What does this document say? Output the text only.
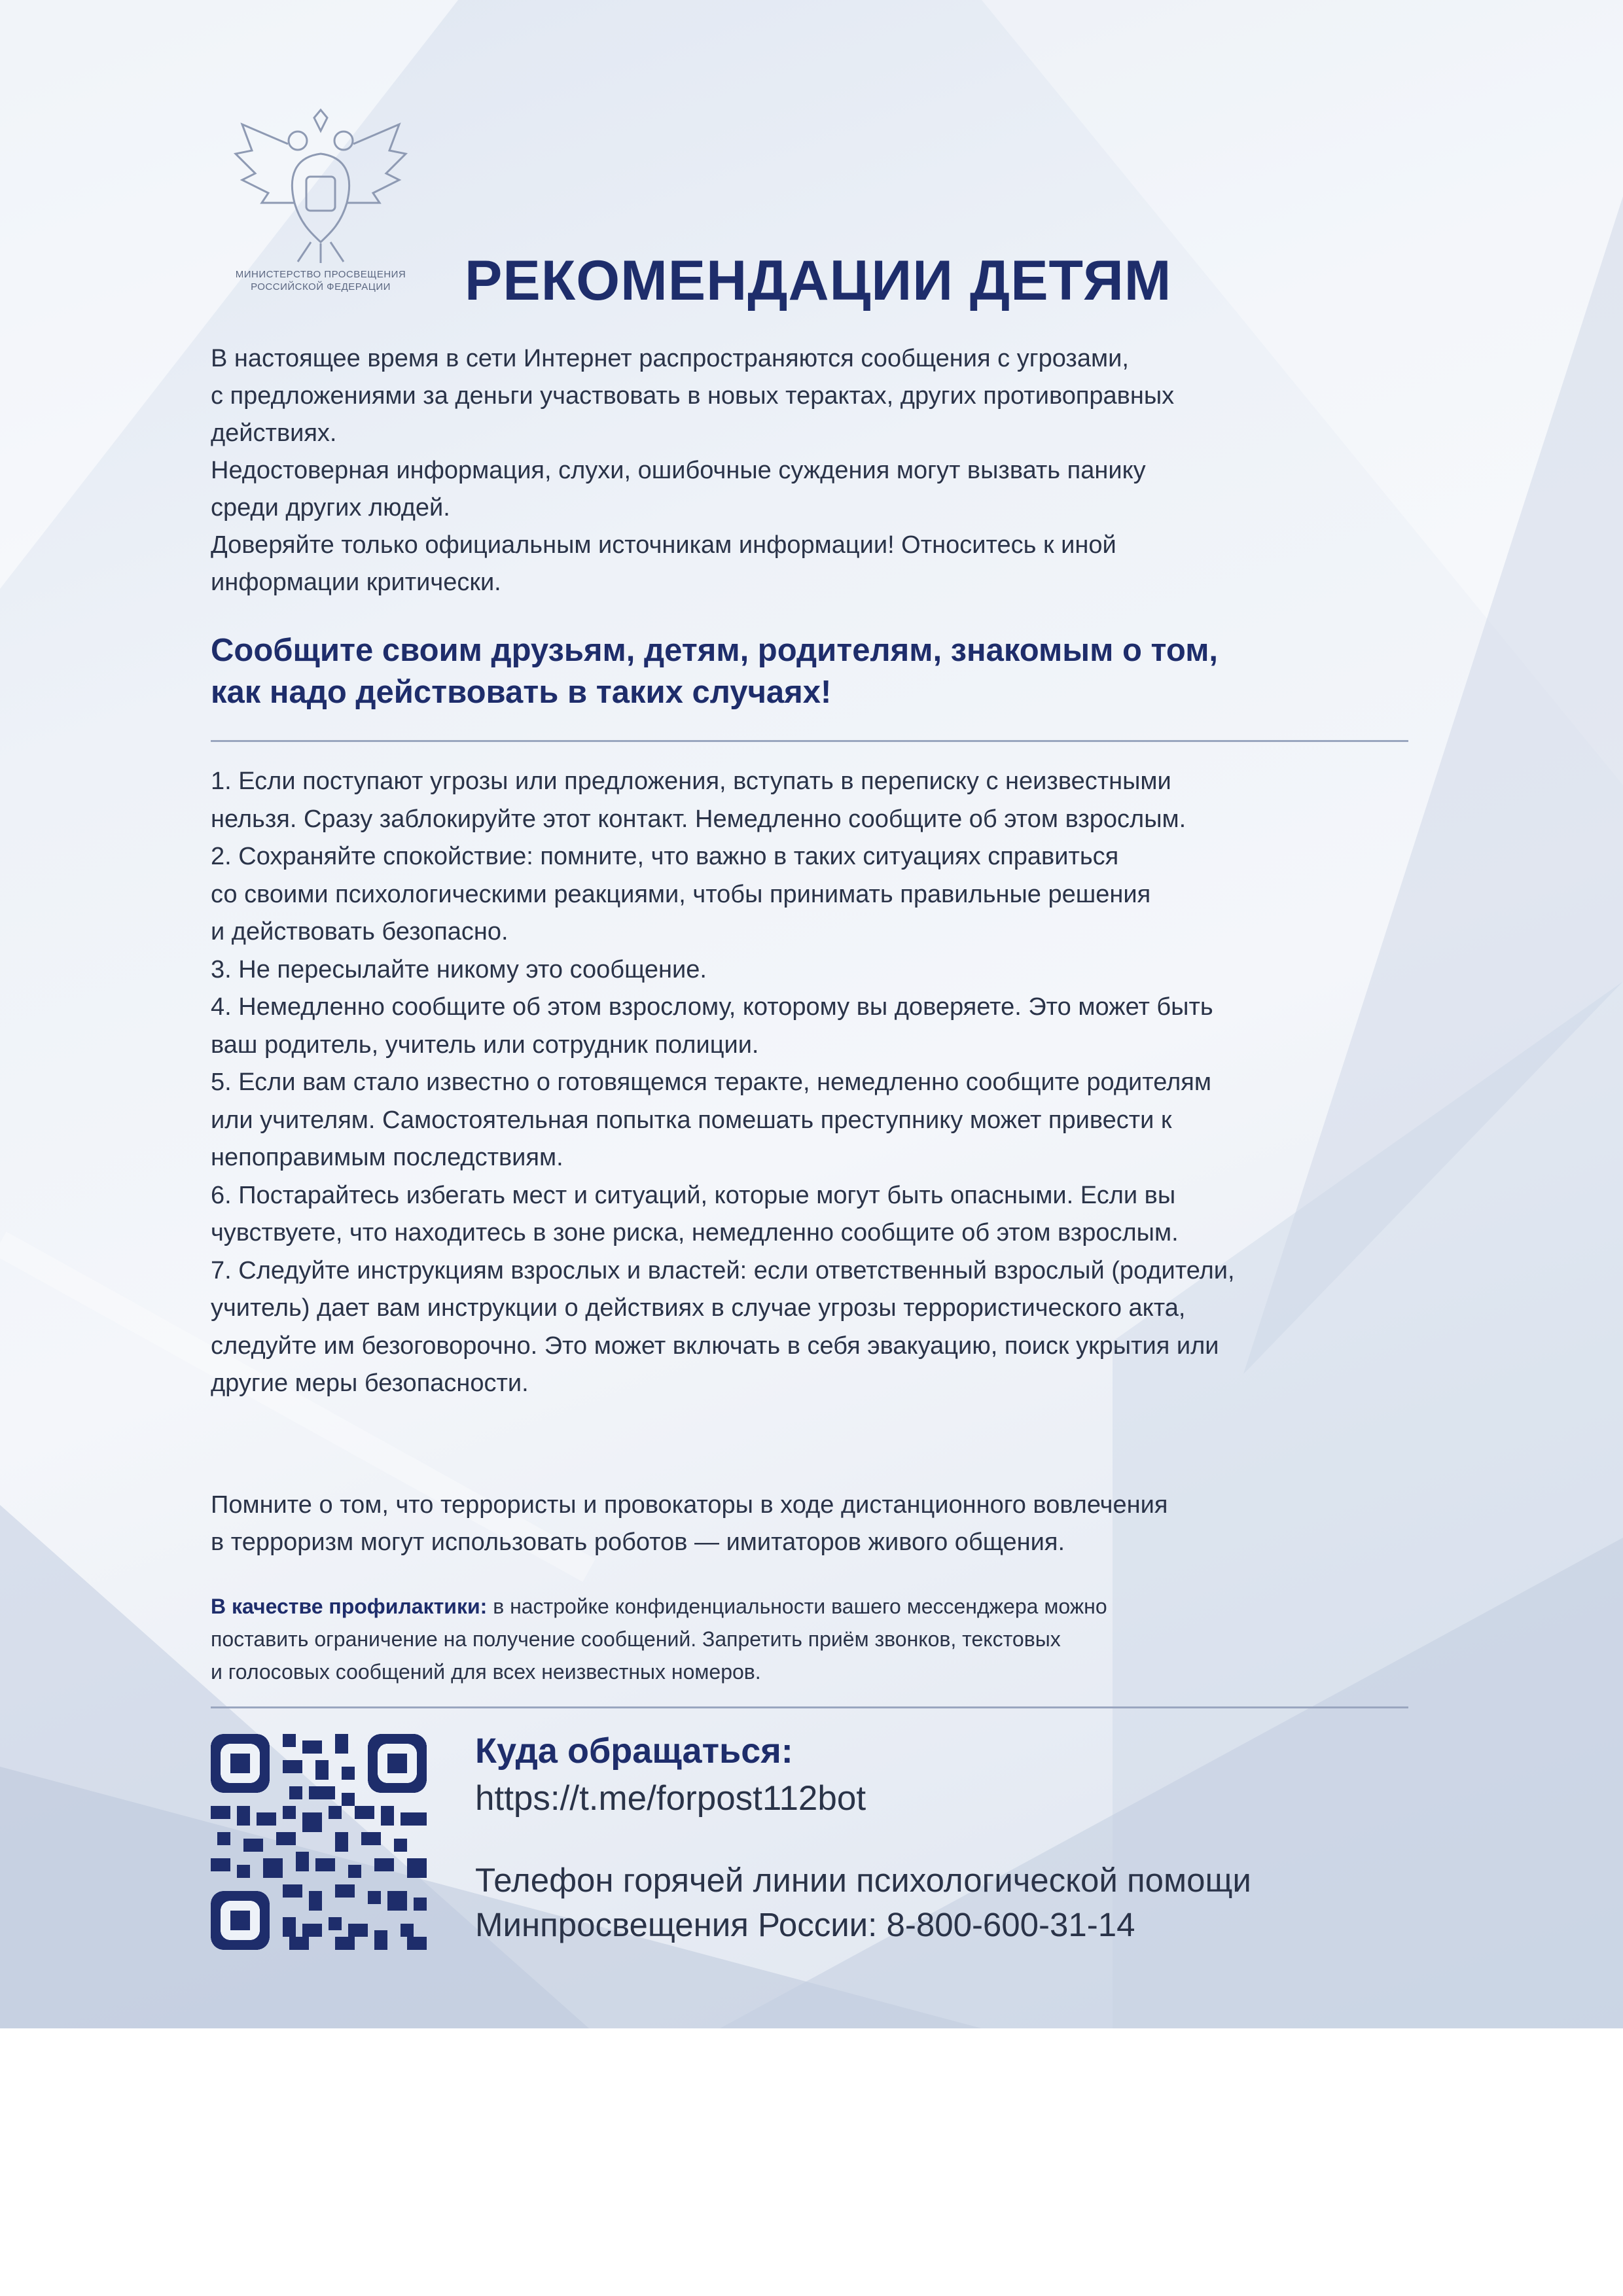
МИНИСТЕРСТВО ПРОСВЕЩЕНИЯ
РОССИЙСКОЙ ФЕДЕРАЦИИ	РЕКОМЕНДАЦИИ ДЕТЯМ

В настоящее время в сети Интернет распространяются сообщения с угрозами,

с предложениями за деньги участвовать в новых терактах, других противоправных

действиях.

Недостоверная информация, слухи, ошибочные суждения могут вызвать панику

среди других людей.

Доверяйте только официальным источникам информации! Относитесь к иной

информации критически.

Сообщите своим друзьям, детям, родителям, знакомым о том,
как надо действовать в таких случаях!
1. Если поступают угрозы или предложения, вступать в переписку с неизвестными
нельзя. Сразу заблокируйте этот контакт. Немедленно сообщите об этом взрослым.
2. Сохраняйте спокойствие: помните, что важно в таких ситуациях справиться
со своими психологическими реакциями, чтобы принимать правильные решения
и действовать безопасно.
3. Не пересылайте никому это сообщение.
4. Немедленно сообщите об этом взрослому, которому вы доверяете. Это может быть
ваш родитель, учитель или сотрудник полиции.
5. Если вам стало известно о готовящемся теракте, немедленно сообщите родителям
или учителям. Самостоятельная попытка помешать преступнику может привести к
непоправимым последствиям.
6. Постарайтесь избегать мест и ситуаций, которые могут быть опасными. Если вы
чувствуете, что находитесь в зоне риска, немедленно сообщите об этом взрослым.
7. Следуйте инструкциям взрослых и властей: если ответственный взрослый (родители,
учитель) дает вам инструкции о действиях в случае угрозы террористического акта,
следуйте им безоговорочно. Это может включать в себя эвакуацию, поиск укрытия или
другие меры безопасности.
Помните о том, что террористы и провокаторы в ходе дистанционного вовлечения
в терроризм могут использовать роботов — имитаторов живого общения.
В качестве профилактики: в настройке конфиденциальности вашего мессенджера можно
поставить ограничение на получение сообщений. Запретить приём звонков, текстовых
и голосовых сообщений для всех неизвестных номеров.
Куда обращаться:
https://t.me/forpost112bot
Телефон горячей линии психологической помощи
Минпросвещения России: 8-800-600-31-14
